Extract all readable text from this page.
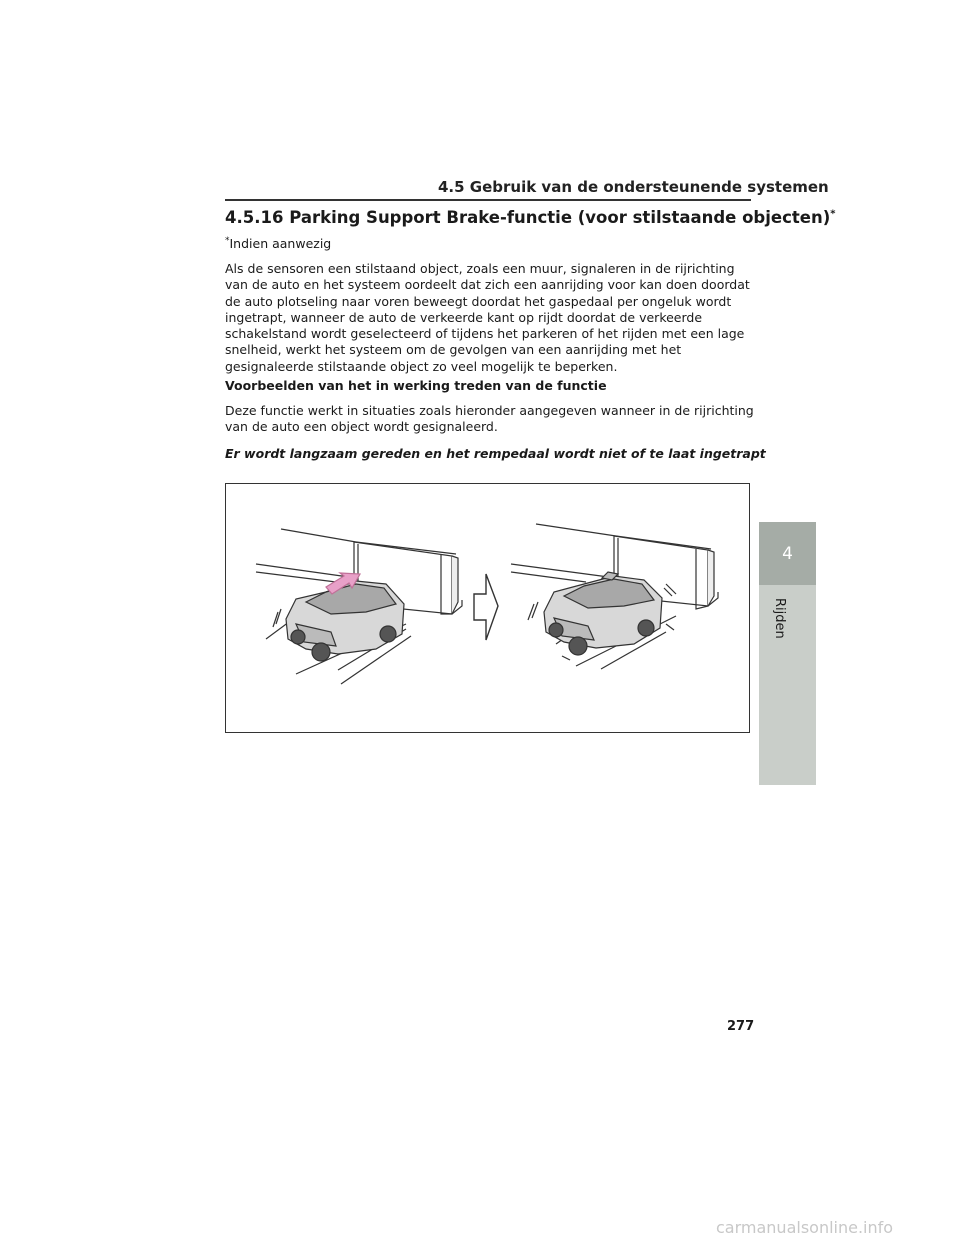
4.5 Gebruik van de ondersteunende systemen
4.5.16 Parking Support Brake-functie (voor stilstaande objecten)*
*Indien aanwezig

Als de sensoren een stilstaand object, zoals een muur, signaleren in de rijrichting van de auto en het systeem oordeelt dat zich een aanrijding voor kan doen doordat de auto plotseling naar voren beweegt doordat het gaspedaal per ongeluk wordt ingetrapt, wanneer de auto de verkeerde kant op rijdt doordat de verkeerde schakelstand wordt geselecteerd of tijdens het parkeren of het rijden met een lage snelheid, werkt het systeem om de gevolgen van een aanrijding met het gesignaleerde stilstaande object zo veel mogelijk te beperken.

Voorbeelden van het in werking treden van de functie

Deze functie werkt in situaties zoals hieronder aangegeven wanneer in de rijrichting van de auto een object wordt gesignaleerd.

Er wordt langzaam gereden en het rempedaal wordt niet of te laat ingetrapt
4
Rijden
277
carmanualsonline.info
